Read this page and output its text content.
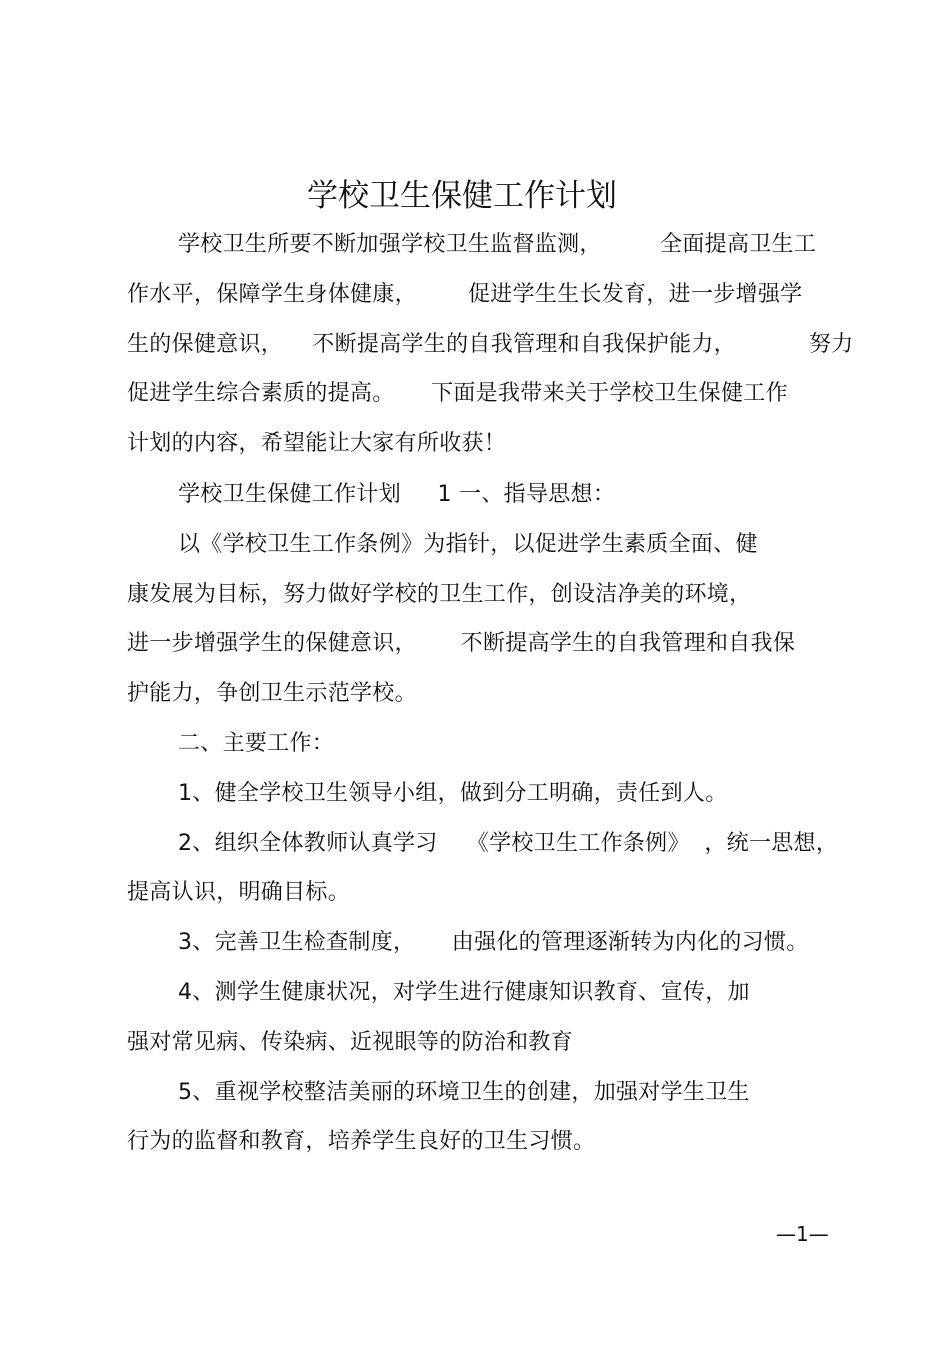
学校卫生保健工作计划
学校卫生所要不断加强学校卫生监督监测，        全面提高卫生工
作水平，保障学生身体健康，       促进学生生长发育，进一步增强学
生的保健意识，    不断提高学生的自我管理和自我保护能力，          努力
促进学生综合素质的提高。     下面是我带来关于学校卫生保健工作
计划的内容，希望能让大家有所收获！
学校卫生保健工作计划     1 一、指导思想：
以《学校卫生工作条例》为指针，以促进学生素质全面、健
康发展为目标，努力做好学校的卫生工作，创设洁净美的环境，
进一步增强学生的保健意识，      不断提高学生的自我管理和自我保
护能力，争创卫生示范学校。
二、主要工作：
1、健全学校卫生领导小组，做到分工明确，责任到人。
2、组织全体教师认真学习    《学校卫生工作条例》  ，统一思想，
提高认识，明确目标。
3、完善卫生检查制度，     由强化的管理逐渐转为内化的习惯。
4、测学生健康状况，对学生进行健康知识教育、宣传，加
强对常见病、传染病、近视眼等的防治和教育
5、重视学校整洁美丽的环境卫生的创建，加强对学生卫生
行为的监督和教育，培养学生良好的卫生习惯。
—1—
